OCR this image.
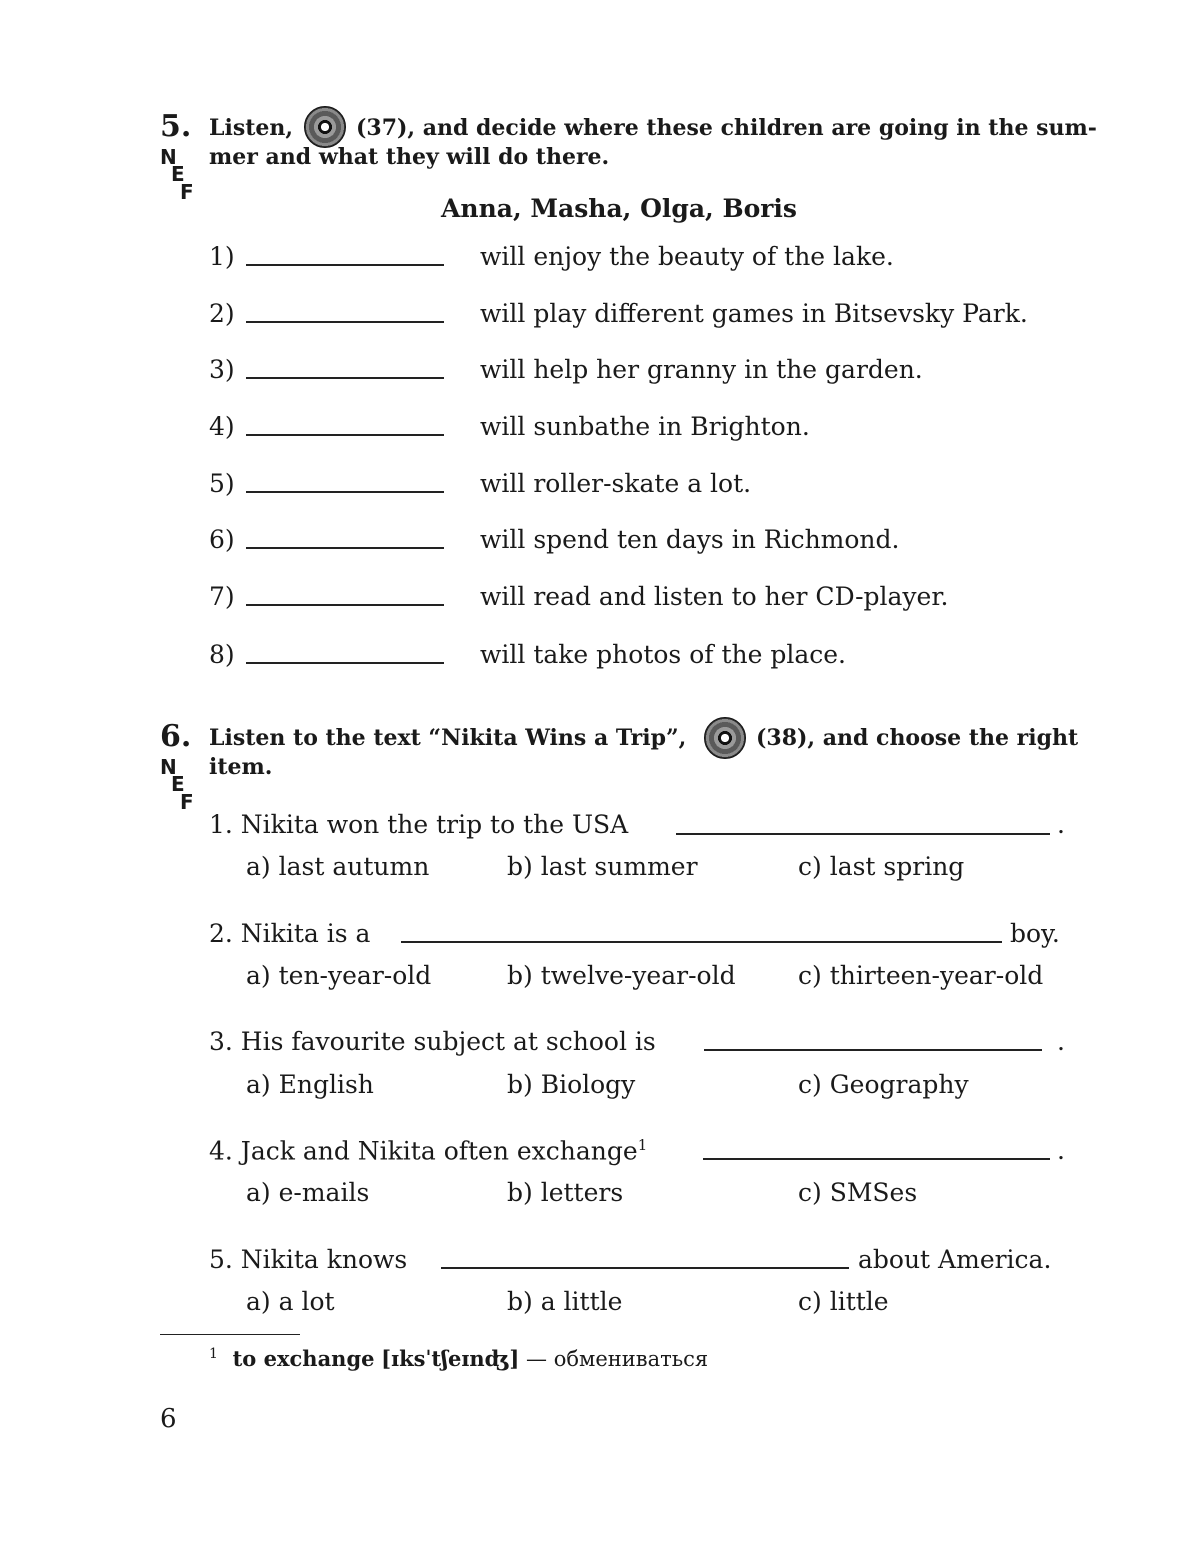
5. Listen,	(37), and decide where these children are going in the sum-
mer and what they will do there.
N
E
F
Anna, Masha, Olga, Boris
1)	will enjoy the beauty of the lake.
2)	will play different games in Bitsevsky Park.
3)	will help her granny in the garden.
4)	will sunbathe in Brighton.
5)	will roller-skate a lot.
6)	will spend ten days in Richmond.
7)	will read and listen to her CD-player.
8)	will take photos of the place.
6. Listen to the text “Nikita Wins a Trip”,	(38), and choose the right
item.
N
E
F
1. Nikita won the trip to the USA	.
a) last autumn	b) last summer	c) last spring
2. Nikita is a	boy.
a) ten-year-old	b) twelve-year-old c) thirteen-year-old
3. His favourite subject at school is	.
a) English	b) Biology	c) Geography
4. Jack and Nikita often exchange$^1$	.
a) e-mails	b) letters	c) SMSes
5. Nikita knows	about America.
a) a lot	b) a little	c) little
$^1$ to exchange [ɪksˈtʃeɪnʤ] — обмениваться
6
